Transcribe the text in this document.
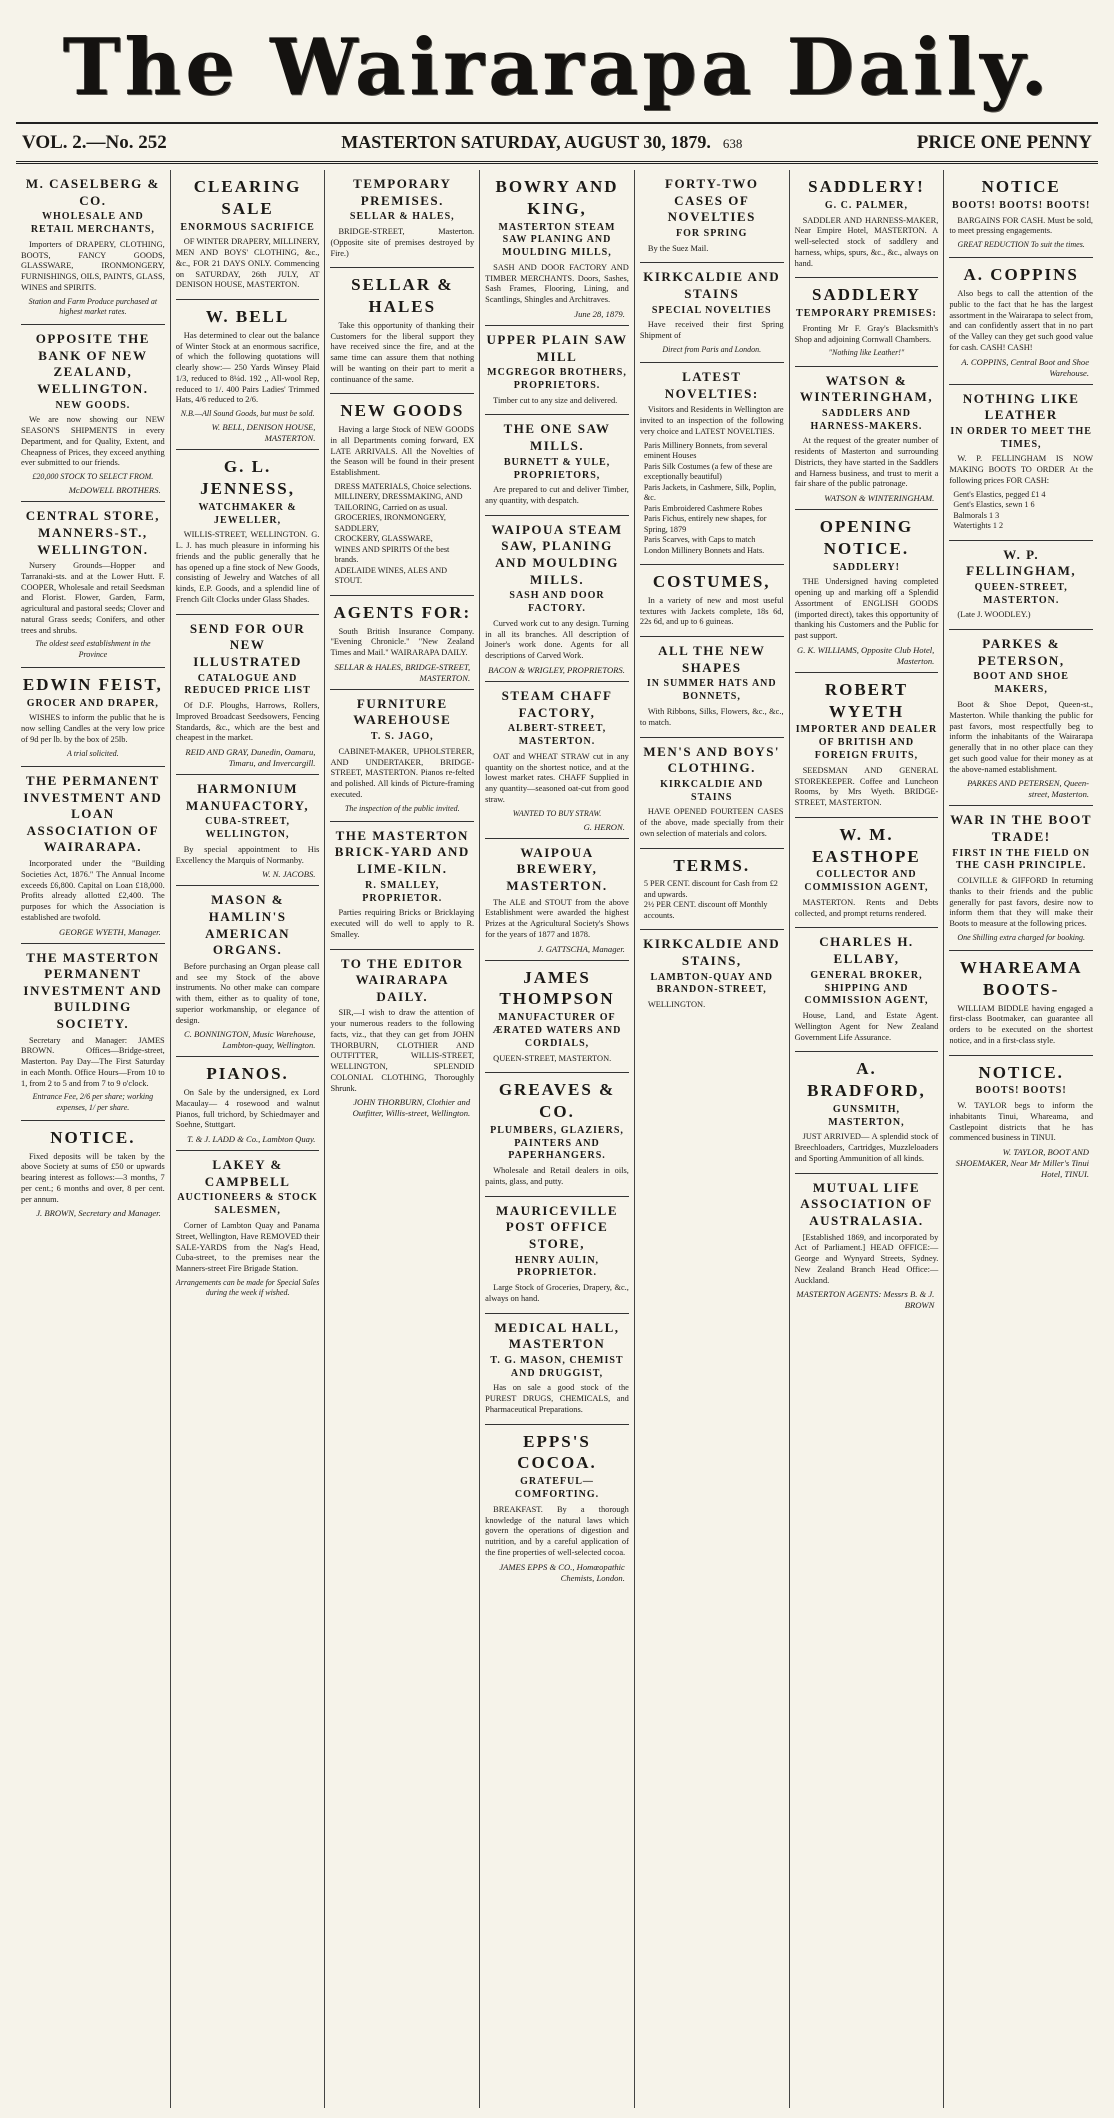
The Wairarapa Daily.
VOL. 2.—No. 252	MASTERTON SATURDAY, AUGUST 30, 1879. 638	PRICE ONE PENNY
M. CASELBERG & CO.
WHOLESALE AND RETAIL MERCHANTS,
Importers of DRAPERY, CLOTHING, BOOTS, FANCY GOODS, GLASSWARE, IRONMONGERY, FURNISHINGS, OILS, PAINTS, GLASS, WINES and SPIRITS.
Station and Farm Produce purchased at highest market rates.
OPPOSITE THE BANK OF NEW ZEALAND, WELLINGTON.
NEW GOODS.
We are now showing our NEW SEASON'S SHIPMENTS in every Department, and for Quality, Extent, and Cheapness of Prices, they exceed anything ever submitted to our friends.
£20,000 STOCK TO SELECT FROM.
McDOWELL BROTHERS.
CENTRAL STORE, MANNERS-ST., WELLINGTON.
Nursery Grounds—Hopper and Tarranaki-sts. and at the Lower Hutt. F. COOPER, Wholesale and retail Seedsman and Florist. Flower, Garden, Farm, agricultural and pastoral seeds; Clover and natural Grass seeds; Conifers, and other trees and shrubs.
The oldest seed establishment in the Province
EDWIN FEIST,
GROCER AND DRAPER,
WISHES to inform the public that he is now selling Candles at the very low price of 9d per lb. by the box of 25lb.
A trial solicited.
THE PERMANENT INVESTMENT AND LOAN ASSOCIATION OF WAIRARAPA.
Incorporated under the "Building Societies Act, 1876." The Annual Income exceeds £6,800. Capital on Loan £18,000. Profits already allotted £2,400. The purposes for which the Association is established are twofold.
GEORGE WYETH, Manager.
THE MASTERTON PERMANENT INVESTMENT AND BUILDING SOCIETY.
Secretary and Manager: JAMES BROWN. Offices—Bridge-street, Masterton. Pay Day—The First Saturday in each Month. Office Hours—From 10 to 1, from 2 to 5 and from 7 to 9 o'clock.
Entrance Fee, 2/6 per share; working expenses, 1/ per share.
NOTICE.
Fixed deposits will be taken by the above Society at sums of £50 or upwards bearing interest as follows:—3 months, 7 per cent.; 6 months and over, 8 per cent. per annum.
J. BROWN, Secretary and Manager.
CLEARING SALE
ENORMOUS SACRIFICE
OF WINTER DRAPERY, MILLINERY, MEN AND BOYS' CLOTHING, &c., &c., FOR 21 DAYS ONLY. Commencing on SATURDAY, 26th JULY, AT DENISON HOUSE, MASTERTON.
W. BELL
Has determined to clear out the balance of Winter Stock at an enormous sacrifice, of which the following quotations will clearly show:— 250 Yards Winsey Plaid 1/3, reduced to 8¼d. 192 ,, All-wool Rep, reduced to 1/. 400 Pairs Ladies' Trimmed Hats, 4/6 reduced to 2/6.
N.B.—All Sound Goods, but must be sold.
W. BELL, DENISON HOUSE, MASTERTON.
G. L. JENNESS,
WATCHMAKER & JEWELLER,
WILLIS-STREET, WELLINGTON. G. L. J. has much pleasure in informing his friends and the public generally that he has opened up a fine stock of New Goods, consisting of Jewelry and Watches of all kinds, E.P. Goods, and a splendid line of French Gilt Clocks under Glass Shades.
SEND FOR OUR NEW ILLUSTRATED
CATALOGUE AND REDUCED PRICE LIST
Of D.F. Ploughs, Harrows, Rollers, Improved Broadcast Seedsowers, Fencing Standards, &c., which are the best and cheapest in the market.
REID AND GRAY, Dunedin, Oamaru, Timaru, and Invercargill.
HARMONIUM MANUFACTORY,
CUBA-STREET, WELLINGTON,
By special appointment to His Excellency the Marquis of Normanby.
W. N. JACOBS.
MASON & HAMLIN'S AMERICAN ORGANS.
Before purchasing an Organ please call and see my Stock of the above instruments. No other make can compare with them, either as to quality of tone, superior workmanship, or elegance of design.
C. BONNINGTON, Music Warehouse, Lambton-quay, Wellington.
PIANOS.
On Sale by the undersigned, ex Lord Macaulay— 4 rosewood and walnut Pianos, full trichord, by Schiedmayer and Soehne, Stuttgart.
T. & J. LADD & Co., Lambton Quay.
LAKEY & CAMPBELL
AUCTIONEERS & STOCK SALESMEN,
Corner of Lambton Quay and Panama Street, Wellington, Have REMOVED their SALE-YARDS from the Nag's Head, Cuba-street, to the premises near the Manners-street Fire Brigade Station.
Arrangements can be made for Special Sales during the week if wished.
TEMPORARY PREMISES.
SELLAR & HALES,
BRIDGE-STREET, Masterton. (Opposite site of premises destroyed by Fire.)
SELLAR & HALES
Take this opportunity of thanking their Customers for the liberal support they have received since the fire, and at the same time can assure them that nothing will be wanting on their part to merit a continuance of the same.
NEW GOODS
Having a large Stock of NEW GOODS in all Departments coming forward, EX LATE ARRIVALS. All the Novelties of the Season will be found in their present Establishment.
DRESS MATERIALS, Choice selections.
MILLINERY, DRESSMAKING, AND TAILORING, Carried on as usual.
GROCERIES, IRONMONGERY, SADDLERY,
CROCKERY, GLASSWARE,
WINES AND SPIRITS Of the best brands.
ADELAIDE WINES, ALES AND STOUT.
AGENTS FOR:
South British Insurance Company. "Evening Chronicle." "New Zealand Times and Mail." WAIRARAPA DAILY.
SELLAR & HALES, BRIDGE-STREET, MASTERTON.
FURNITURE WAREHOUSE
T. S. JAGO,
CABINET-MAKER, UPHOLSTERER, AND UNDERTAKER, BRIDGE-STREET, MASTERTON. Pianos re-felted and polished. All kinds of Picture-framing executed.
The inspection of the public invited.
THE MASTERTON BRICK-YARD AND LIME-KILN.
R. SMALLEY, PROPRIETOR.
Parties requiring Bricks or Bricklaying executed will do well to apply to R. Smalley.
TO THE EDITOR WAIRARAPA DAILY.
SIR,—I wish to draw the attention of your numerous readers to the following facts, viz., that they can get from JOHN THORBURN, CLOTHIER AND OUTFITTER, WILLIS-STREET, WELLINGTON, SPLENDID COLONIAL CLOTHING, Thoroughly Shrunk.
JOHN THORBURN, Clothier and Outfitter, Willis-street, Wellington.
BOWRY AND KING,
MASTERTON STEAM SAW PLANING AND MOULDING MILLS,
SASH AND DOOR FACTORY AND TIMBER MERCHANTS. Doors, Sashes, Sash Frames, Flooring, Lining, and Scantlings, Shingles and Architraves.
June 28, 1879.
UPPER PLAIN SAW MILL
MCGREGOR BROTHERS, PROPRIETORS.
Timber cut to any size and delivered.
THE ONE SAW MILLS.
BURNETT & YULE, PROPRIETORS,
Are prepared to cut and deliver Timber, any quantity, with despatch.
WAIPOUA STEAM SAW, PLANING AND MOULDING MILLS.
SASH AND DOOR FACTORY.
Curved work cut to any design. Turning in all its branches. All description of Joiner's work done. Agents for all descriptions of Carved Work.
BACON & WRIGLEY, PROPRIETORS.
STEAM CHAFF FACTORY,
ALBERT-STREET, MASTERTON.
OAT and WHEAT STRAW cut in any quantity on the shortest notice, and at the lowest market rates. CHAFF Supplied in any quantity—seasoned oat-cut from good straw.
WANTED TO BUY STRAW.
G. HERON.
WAIPOUA BREWERY, MASTERTON.
The ALE and STOUT from the above Establishment were awarded the highest Prizes at the Agricultural Society's Shows for the years of 1877 and 1878.
J. GATTSCHA, Manager.
JAMES THOMPSON
MANUFACTURER OF ÆRATED WATERS AND CORDIALS,
QUEEN-STREET, MASTERTON.
GREAVES & CO.
PLUMBERS, GLAZIERS, PAINTERS AND PAPERHANGERS.
Wholesale and Retail dealers in oils, paints, glass, and putty.
MAURICEVILLE POST OFFICE STORE,
HENRY AULIN, PROPRIETOR.
Large Stock of Groceries, Drapery, &c., always on hand.
MEDICAL HALL, MASTERTON
T. G. MASON, CHEMIST AND DRUGGIST,
Has on sale a good stock of the PUREST DRUGS, CHEMICALS, and Pharmaceutical Preparations.
EPPS'S COCOA.
GRATEFUL—COMFORTING.
BREAKFAST. By a thorough knowledge of the natural laws which govern the operations of digestion and nutrition, and by a careful application of the fine properties of well-selected cocoa.
JAMES EPPS & CO., Homœopathic Chemists, London.
FORTY-TWO CASES OF NOVELTIES
FOR SPRING
By the Suez Mail.
KIRKCALDIE AND STAINS
SPECIAL NOVELTIES
Have received their first Spring Shipment of
Direct from Paris and London.
LATEST NOVELTIES:
Visitors and Residents in Wellington are invited to an inspection of the following very choice and LATEST NOVELTIES.
Paris Millinery Bonnets, from several eminent Houses
Paris Silk Costumes (a few of these are exceptionally beautiful)
Paris Jackets, in Cashmere, Silk, Poplin, &c.
Paris Embroidered Cashmere Robes
Paris Fichus, entirely new shapes, for Spring, 1879
Paris Scarves, with Caps to match
London Millinery Bonnets and Hats.
COSTUMES,
In a variety of new and most useful textures with Jackets complete, 18s 6d, 22s 6d, and up to 6 guineas.
ALL THE NEW SHAPES
IN SUMMER HATS AND BONNETS,
With Ribbons, Silks, Flowers, &c., &c., to match.
MEN'S AND BOYS' CLOTHING.
KIRKCALDIE AND STAINS
HAVE OPENED FOURTEEN CASES of the above, made specially from their own selection of materials and colors.
TERMS.
5 PER CENT. discount for Cash from £2 and upwards.
2½ PER CENT. discount off Monthly accounts.
KIRKCALDIE AND STAINS,
LAMBTON-QUAY AND BRANDON-STREET,
WELLINGTON.
SADDLERY!
G. C. PALMER,
SADDLER AND HARNESS-MAKER, Near Empire Hotel, MASTERTON. A well-selected stock of saddlery and harness, whips, spurs, &c., &c., always on hand.
SADDLERY
TEMPORARY PREMISES:
Fronting Mr F. Gray's Blacksmith's Shop and adjoining Cornwall Chambers.
"Nothing like Leather!"
WATSON & WINTERINGHAM,
SADDLERS AND HARNESS-MAKERS.
At the request of the greater number of residents of Masterton and surrounding Districts, they have started in the Saddlers and Harness business, and trust to merit a fair share of the public patronage.
WATSON & WINTERINGHAM.
OPENING NOTICE.
SADDLERY!
THE Undersigned having completed opening up and marking off a Splendid Assortment of ENGLISH GOODS (imported direct), takes this opportunity of thanking his Customers and the Public for past support.
G. K. WILLIAMS, Opposite Club Hotel, Masterton.
ROBERT WYETH
IMPORTER AND DEALER OF BRITISH AND FOREIGN FRUITS,
SEEDSMAN AND GENERAL STOREKEEPER. Coffee and Luncheon Rooms, by Mrs Wyeth. BRIDGE-STREET, MASTERTON.
W. M. EASTHOPE
COLLECTOR AND COMMISSION AGENT,
MASTERTON. Rents and Debts collected, and prompt returns rendered.
CHARLES H. ELLABY,
GENERAL BROKER, SHIPPING AND COMMISSION AGENT,
House, Land, and Estate Agent. Wellington Agent for New Zealand Government Life Assurance.
A. BRADFORD,
GUNSMITH, MASTERTON,
JUST ARRIVED— A splendid stock of Breechloaders, Cartridges, Muzzleloaders and Sporting Ammunition of all kinds.
MUTUAL LIFE ASSOCIATION OF AUSTRALASIA.
[Established 1869, and incorporated by Act of Parliament.] HEAD OFFICE:—George and Wynyard Streets, Sydney. New Zealand Branch Head Office:—Auckland.
MASTERTON AGENTS: Messrs B. & J. BROWN
NOTICE
BOOTS! BOOTS! BOOTS!
BARGAINS FOR CASH. Must be sold, to meet pressing engagements.
GREAT REDUCTION To suit the times.
A. COPPINS
Also begs to call the attention of the public to the fact that he has the largest assortment in the Wairarapa to select from, and can confidently assert that in no part of the Valley can they get such good value for cash. CASH! CASH!
A. COPPINS, Central Boot and Shoe Warehouse.
NOTHING LIKE LEATHER
IN ORDER TO MEET THE TIMES,
W. P. FELLINGHAM IS NOW MAKING BOOTS TO ORDER At the following prices FOR CASH:
Gent's Elastics, pegged £1 4
Gent's Elastics, sewn 1 6
Balmorals 1 3
Watertights 1 2
W. P. FELLINGHAM,
QUEEN-STREET, MASTERTON.
(Late J. WOODLEY.)
PARKES & PETERSON,
BOOT AND SHOE MAKERS,
Boot & Shoe Depot, Queen-st., Masterton. While thanking the public for past favors, most respectfully beg to inform the inhabitants of the Wairarapa generally that in no other place can they get such good value for their money as at the above-named establishment.
PARKES AND PETERSEN, Queen-street, Masterton.
WAR IN THE BOOT TRADE!
FIRST IN THE FIELD ON THE CASH PRINCIPLE.
COLVILLE & GIFFORD In returning thanks to their friends and the public generally for past favors, desire now to inform them that they will make their Boots to measure at the following prices.
One Shilling extra charged for booking.
WHAREAMA BOOTS-
WILLIAM BIDDLE having engaged a first-class Bootmaker, can guarantee all orders to be executed on the shortest notice, and in a first-class style.
NOTICE.
BOOTS! BOOTS!
W. TAYLOR begs to inform the inhabitants Tinui, Whareama, and Castlepoint districts that he has commenced business in TINUI.
W. TAYLOR, BOOT AND SHOEMAKER, Near Mr Miller's Tinui Hotel, TINUI.
